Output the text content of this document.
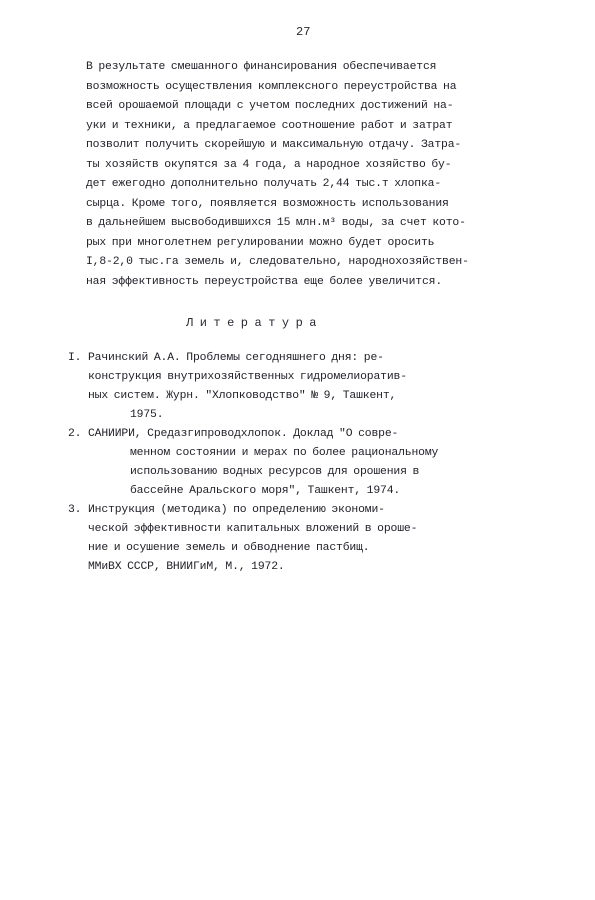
27
В результате смешанного финансирования обеспечивается
возможность осуществления комплексного переустройства на
всей орошаемой площади с учетом последних достижений на-
уки и техники, а предлагаемое соотношение работ и затрат
позволит получить скорейшую и максимальную отдачу. Затра-
ты хозяйств окупятся за 4 года, а народное хозяйство бу-
дет ежегодно дополнительно получать 2,44 тыс.т хлопка-
сырца. Кроме того, появляется возможность использования
в дальнейшем высвободившихся 15 млн.м³ воды, за счет кото-
рых при многолетнем регулировании можно будет оросить
I,8-2,0 тыс.га земель и, следовательно, народнохозяйствен-
ная эффективность переустройства еще более увеличится.
Литература
I. Рачинский А.А. Проблемы сегодняшнего дня: ре-
конструкция внутрихозяйственных гидромелиоратив-
ных систем. Журн. "Хлопководство" № 9, Ташкент,
1975.
2. САНИИРИ, Средазгипроводхлопок. Доклад "О совре-
менном состоянии и мерах по более рациональному
использованию водных ресурсов для орошения в
бассейне Аральского моря", Ташкент, 1974.
3. Инструкция (методика) по определению экономи-
ческой эффективности капитальных вложений в ороше-
ние и осушение земель и обводнение пастбищ.
ММиВХ СССР, ВНИИГиМ, М., 1972.
